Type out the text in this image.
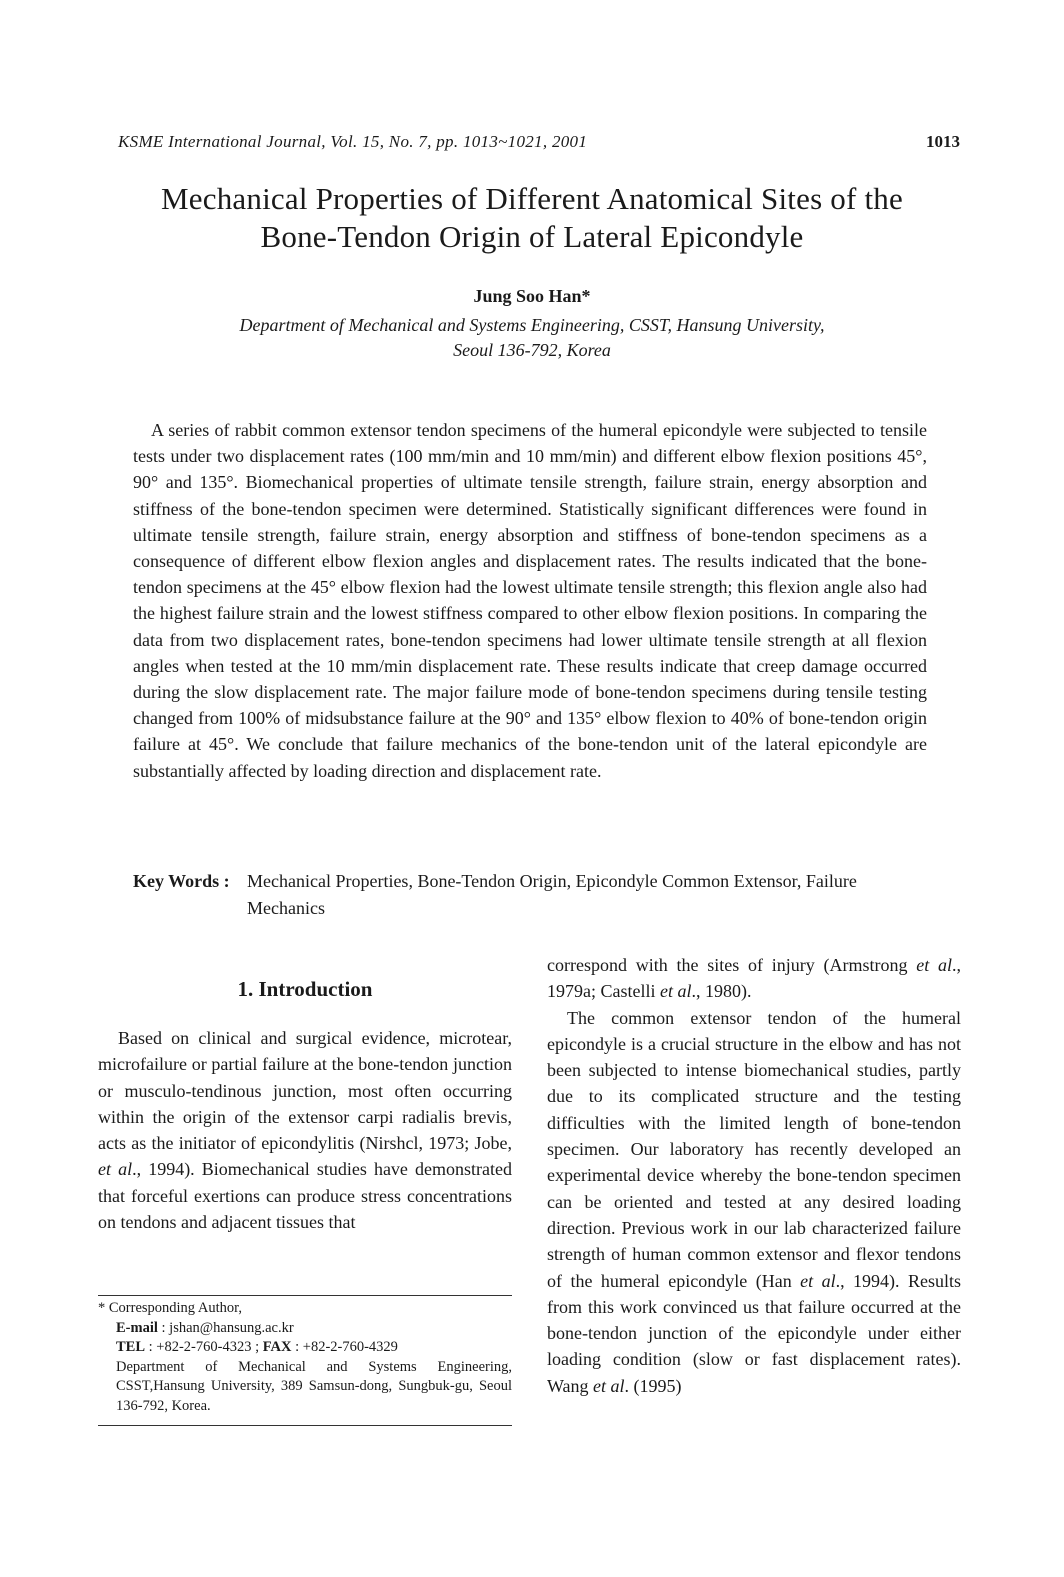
KSME International Journal, Vol. 15, No. 7, pp. 1013~1021, 2001	1013
Mechanical Properties of Different Anatomical Sites of the
Bone-Tendon Origin of Lateral Epicondyle
Jung Soo Han*
Department of Mechanical and Systems Engineering, CSST, Hansung University,
Seoul 136-792, Korea

A series of rabbit common extensor tendon specimens of the humeral epicondyle were subjected to tensile tests under two displacement rates (100 mm/min and 10 mm/min) and different elbow flexion positions 45°, 90° and 135°. Biomechanical properties of ultimate tensile strength, failure strain, energy absorption and stiffness of the bone-tendon specimen were determined. Statistically significant differences were found in ultimate tensile strength, failure strain, energy absorption and stiffness of bone-tendon specimens as a consequence of different elbow flexion angles and displacement rates. The results indicated that the bone-tendon specimens at the 45° elbow flexion had the lowest ultimate tensile strength; this flexion angle also had the highest failure strain and the lowest stiffness compared to other elbow flexion positions. In comparing the data from two displacement rates, bone-tendon specimens had lower ultimate tensile strength at all flexion angles when tested at the 10 mm/min displacement rate. These results indicate that creep damage occurred during the slow displacement rate. The major failure mode of bone-tendon specimens during tensile testing changed from 100% of midsubstance failure at the 90° and 135° elbow flexion to 40% of bone-tendon origin failure at 45°. We conclude that failure mechanics of the bone-tendon unit of the lateral epicondyle are substantially affected by loading direction and displacement rate.

Key Words : Mechanical Properties, Bone-Tendon Origin, Epicondyle Common Extensor, Failure Mechanics
1. Introduction

Based on clinical and surgical evidence, microtear, microfailure or partial failure at the bone-tendon junction or musculo-tendinous junction, most often occurring within the origin of the extensor carpi radialis brevis, acts as the initiator of epicondylitis (Nirshcl, 1973; Jobe, et al., 1994). Biomechanical studies have demonstrated that forceful exertions can produce stress concentrations on tendons and adjacent tissues that

correspond with the sites of injury (Armstrong et al., 1979a; Castelli et al., 1980).

The common extensor tendon of the humeral epicondyle is a crucial structure in the elbow and has not been subjected to intense biomechanical studies, partly due to its complicated structure and the testing difficulties with the limited length of bone-tendon specimen. Our laboratory has recently developed an experimental device whereby the bone-tendon specimen can be oriented and tested at any desired loading direction. Previous work in our lab characterized failure strength of human common extensor and flexor tendons of the humeral epicondyle (Han et al., 1994). Results from this work convinced us that failure occurred at the bone-tendon junction of the epicondyle under either loading condition (slow or fast displacement rates). Wang et al. (1995)

* Corresponding Author,
E-mail : jshan@hansung.ac.kr
TEL : +82-2-760-4323 ; FAX : +82-2-760-4329
Department of Mechanical and Systems Engineering, CSST,Hansung University, 389 Samsun-dong, Sungbuk-gu, Seoul 136-792, Korea.
